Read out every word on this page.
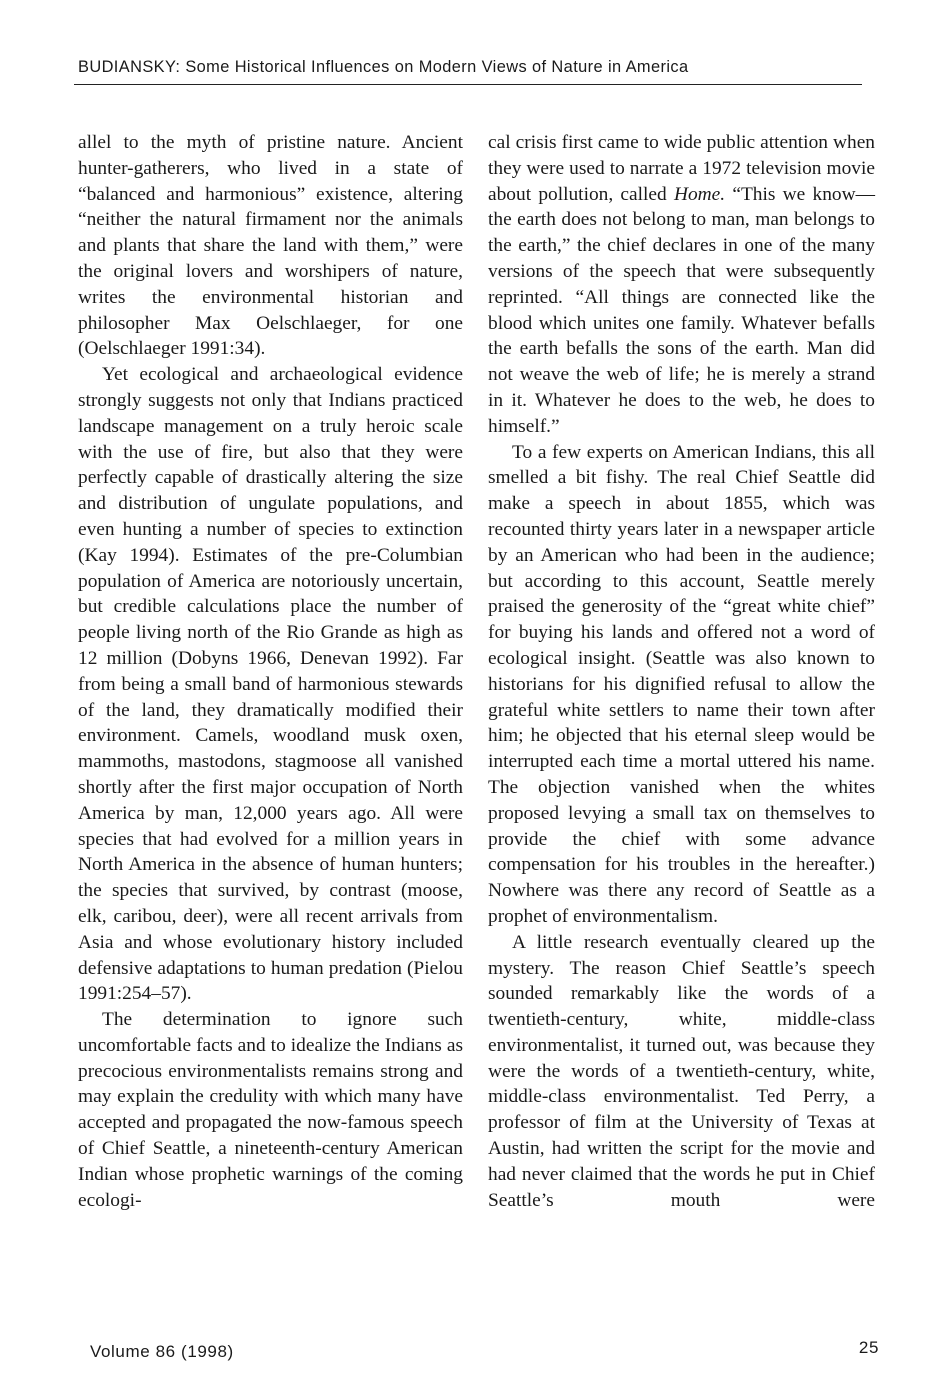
BUDIANSKY: Some Historical Influences on Modern Views of Nature in America

allel to the myth of pristine nature. Ancient hunter-gatherers, who lived in a state of “balanced and harmonious” existence, altering “neither the natural firmament nor the animals and plants that share the land with them,” were the original lovers and worshipers of nature, writes the environmental historian and philosopher Max Oelschlaeger, for one (Oelschlaeger 1991:34).

Yet ecological and archaeological evidence strongly suggests not only that Indians practiced landscape management on a truly heroic scale with the use of fire, but also that they were perfectly capable of drastically altering the size and distribution of ungulate populations, and even hunting a number of species to extinction (Kay 1994). Estimates of the pre-Columbian population of America are notoriously uncertain, but credible calculations place the number of people living north of the Rio Grande as high as 12 million (Dobyns 1966, Denevan 1992). Far from being a small band of harmonious stewards of the land, they dramatically modified their environment. Camels, woodland musk oxen, mammoths, mastodons, stagmoose all vanished shortly after the first major occupation of North America by man, 12,000 years ago. All were species that had evolved for a million years in North America in the absence of human hunters; the species that survived, by contrast (moose, elk, caribou, deer), were all recent arrivals from Asia and whose evolutionary history included defensive adaptations to human predation (Pielou 1991:254–57).

The determination to ignore such uncomfortable facts and to idealize the Indians as precocious environmentalists remains strong and may explain the credulity with which many have accepted and propagated the now-famous speech of Chief Seattle, a nineteenth-century American Indian whose prophetic warnings of the coming ecologi-

cal crisis first came to wide public attention when they were used to narrate a 1972 television movie about pollution, called Home. “This we know—the earth does not belong to man, man belongs to the earth,” the chief declares in one of the many versions of the speech that were subsequently reprinted. “All things are connected like the blood which unites one family. Whatever befalls the earth befalls the sons of the earth. Man did not weave the web of life; he is merely a strand in it. Whatever he does to the web, he does to himself.”

To a few experts on American Indians, this all smelled a bit fishy. The real Chief Seattle did make a speech in about 1855, which was recounted thirty years later in a newspaper article by an American who had been in the audience; but according to this account, Seattle merely praised the generosity of the “great white chief” for buying his lands and offered not a word of ecological insight. (Seattle was also known to historians for his dignified refusal to allow the grateful white settlers to name their town after him; he objected that his eternal sleep would be interrupted each time a mortal uttered his name. The objection vanished when the whites proposed levying a small tax on themselves to provide the chief with some advance compensation for his troubles in the hereafter.) Nowhere was there any record of Seattle as a prophet of environmentalism.

A little research eventually cleared up the mystery. The reason Chief Seattle’s speech sounded remarkably like the words of a twentieth-century, white, middle-class environmentalist, it turned out, was because they were the words of a twentieth-century, white, middle-class environmentalist. Ted Perry, a professor of film at the University of Texas at Austin, had written the script for the movie and had never claimed that the words he put in Chief Seattle’s mouth were

Volume 86 (1998)	25
